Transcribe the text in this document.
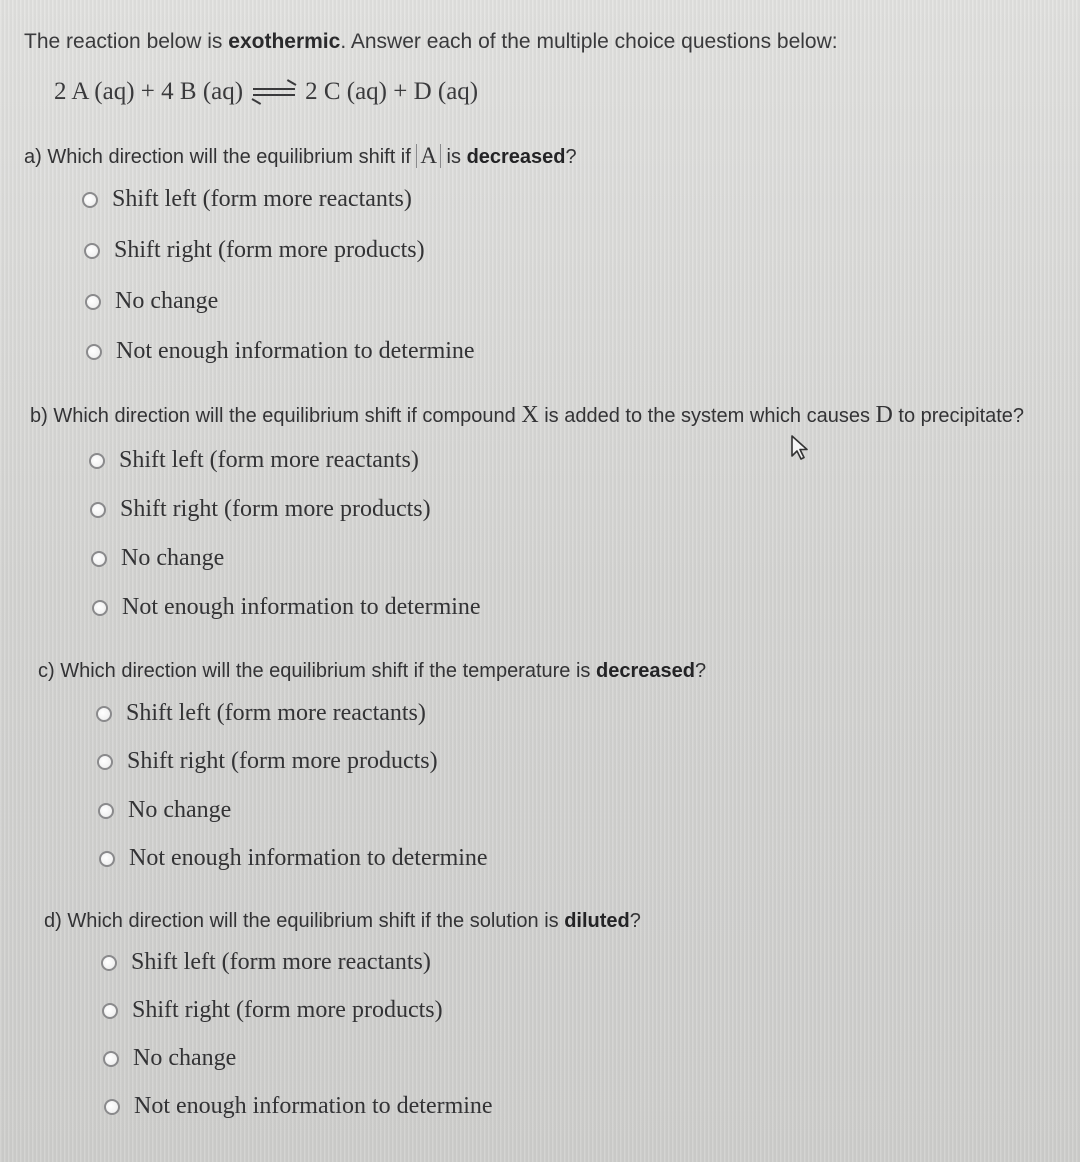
The reaction below is exothermic. Answer each of the multiple choice questions below:
2 A (aq) + 4 B (aq) 2 C (aq) + D (aq)
a) Which direction will the equilibrium shift if A is decreased?
Shift left (form more reactants)
Shift right (form more products)
No change
Not enough information to determine
b) Which direction will the equilibrium shift if compound X is added to the system which causes D to precipitate?
Shift left (form more reactants)
Shift right (form more products)
No change
Not enough information to determine
c) Which direction will the equilibrium shift if the temperature is decreased?
Shift left (form more reactants)
Shift right (form more products)
No change
Not enough information to determine
d) Which direction will the equilibrium shift if the solution is diluted?
Shift left (form more reactants)
Shift right (form more products)
No change
Not enough information to determine
